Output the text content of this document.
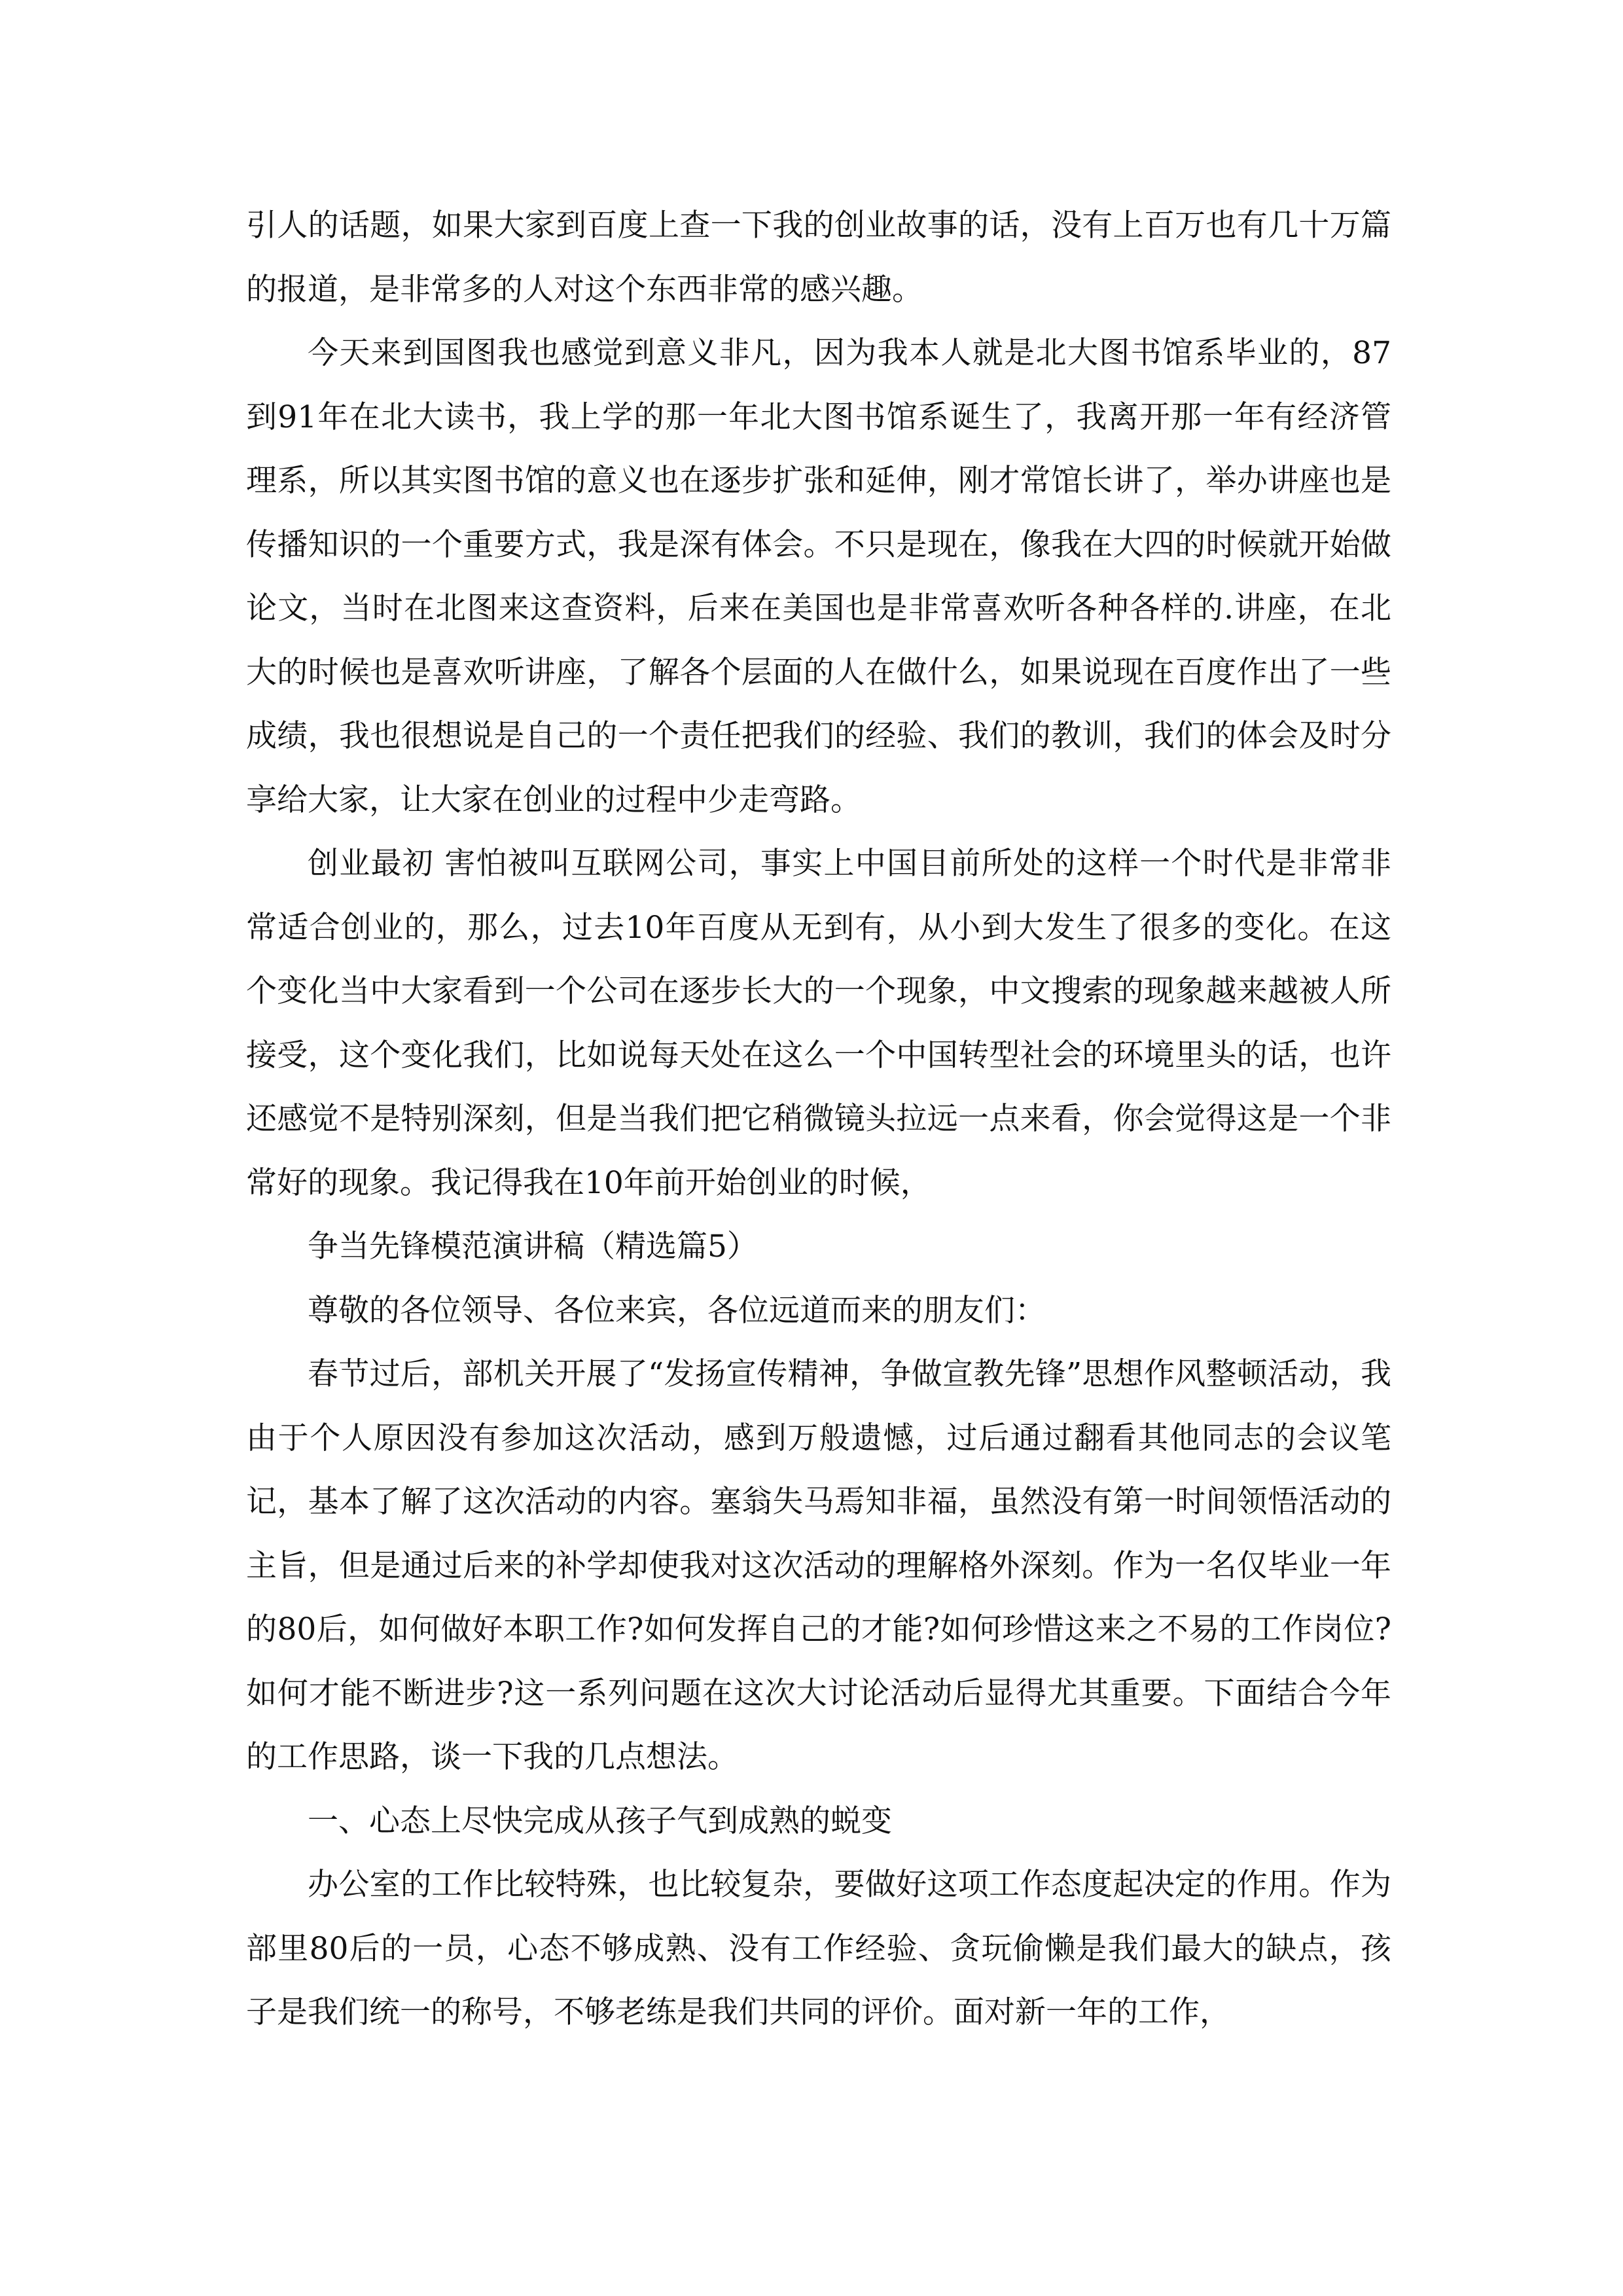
引人的话题，如果大家到百度上查一下我的创业故事的话，没有上百万也有几十万篇的报道，是非常多的人对这个东西非常的感兴趣。

今天来到国图我也感觉到意义非凡，因为我本人就是北大图书馆系毕业的，87到91年在北大读书，我上学的那一年北大图书馆系诞生了，我离开那一年有经济管理系，所以其实图书馆的意义也在逐步扩张和延伸，刚才常馆长讲了，举办讲座也是传播知识的一个重要方式，我是深有体会。不只是现在，像我在大四的时候就开始做论文，当时在北图来这查资料，后来在美国也是非常喜欢听各种各样的.讲座，在北大的时候也是喜欢听讲座，了解各个层面的人在做什么，如果说现在百度作出了一些成绩，我也很想说是自己的一个责任把我们的经验、我们的教训，我们的体会及时分享给大家，让大家在创业的过程中少走弯路。

创业最初 害怕被叫互联网公司，事实上中国目前所处的这样一个时代是非常非常适合创业的，那么，过去10年百度从无到有，从小到大发生了很多的变化。在这个变化当中大家看到一个公司在逐步长大的一个现象，中文搜索的现象越来越被人所接受，这个变化我们，比如说每天处在这么一个中国转型社会的环境里头的话，也许还感觉不是特别深刻，但是当我们把它稍微镜头拉远一点来看，你会觉得这是一个非常好的现象。我记得我在10年前开始创业的时候，

争当先锋模范演讲稿（精选篇5）

尊敬的各位领导、各位来宾，各位远道而来的朋友们：

春节过后，部机关开展了“发扬宣传精神，争做宣教先锋”思想作风整顿活动，我由于个人原因没有参加这次活动，感到万般遗憾，过后通过翻看其他同志的会议笔记，基本了解了这次活动的内容。塞翁失马焉知非福，虽然没有第一时间领悟活动的主旨，但是通过后来的补学却使我对这次活动的理解格外深刻。作为一名仅毕业一年的80后，如何做好本职工作?如何发挥自己的才能?如何珍惜这来之不易的工作岗位?如何才能不断进步?这一系列问题在这次大讨论活动后显得尤其重要。下面结合今年的工作思路，谈一下我的几点想法。

一、心态上尽快完成从孩子气到成熟的蜕变

办公室的工作比较特殊，也比较复杂，要做好这项工作态度起决定的作用。作为部里80后的一员，心态不够成熟、没有工作经验、贪玩偷懒是我们最大的缺点，孩子是我们统一的称号，不够老练是我们共同的评价。面对新一年的工作，
